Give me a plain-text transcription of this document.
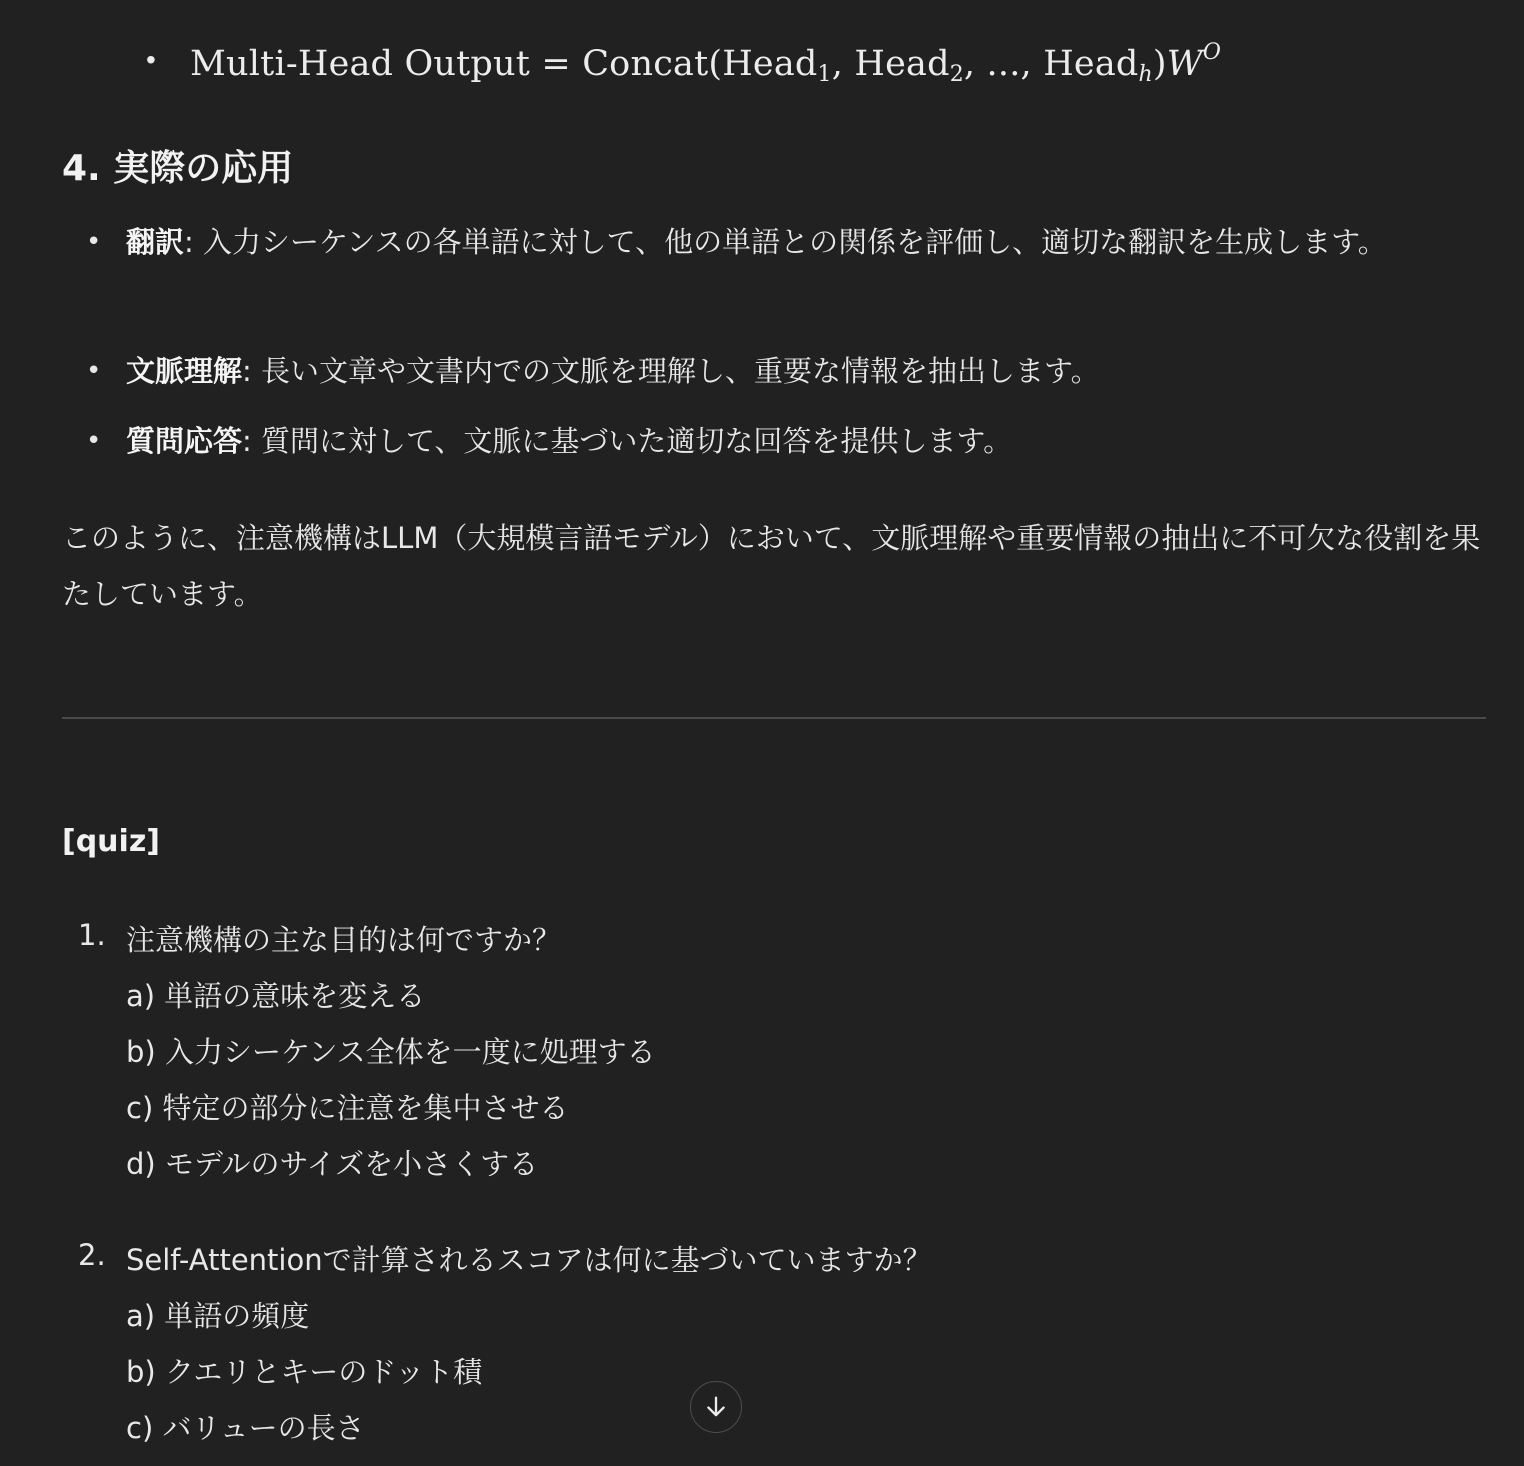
• Multi-Head Output = Concat(Head$_1$, Head$_2$, ..., $Head_h)W^O$
4. 実際の応用
• 翻訳: 入力シーケンスの各単語に対して、他の単語との関係を評価し、適切な翻訳を生成します。
• 文脈理解: 長い文章や文書内での文脈を理解し、重要な情報を抽出します。
• 質問応答: 質問に対して、文脈に基づいた適切な回答を提供します。
このように、注意機構はLLM（大規模言語モデル）において、文脈理解や重要情報の抽出に不可欠な役割を果たしています。
[quiz]
1. 注意機構の主な目的は何ですか？
a) 単語の意味を変える
b) 入力シーケンス全体を一度に処理する
c) 特定の部分に注意を集中させる
d) モデルのサイズを小さくする
2. Self-Attentionで計算されるスコアは何に基づいていますか？
a) 単語の頻度
b) クエリとキーのドット積
c) バリューの長さ
